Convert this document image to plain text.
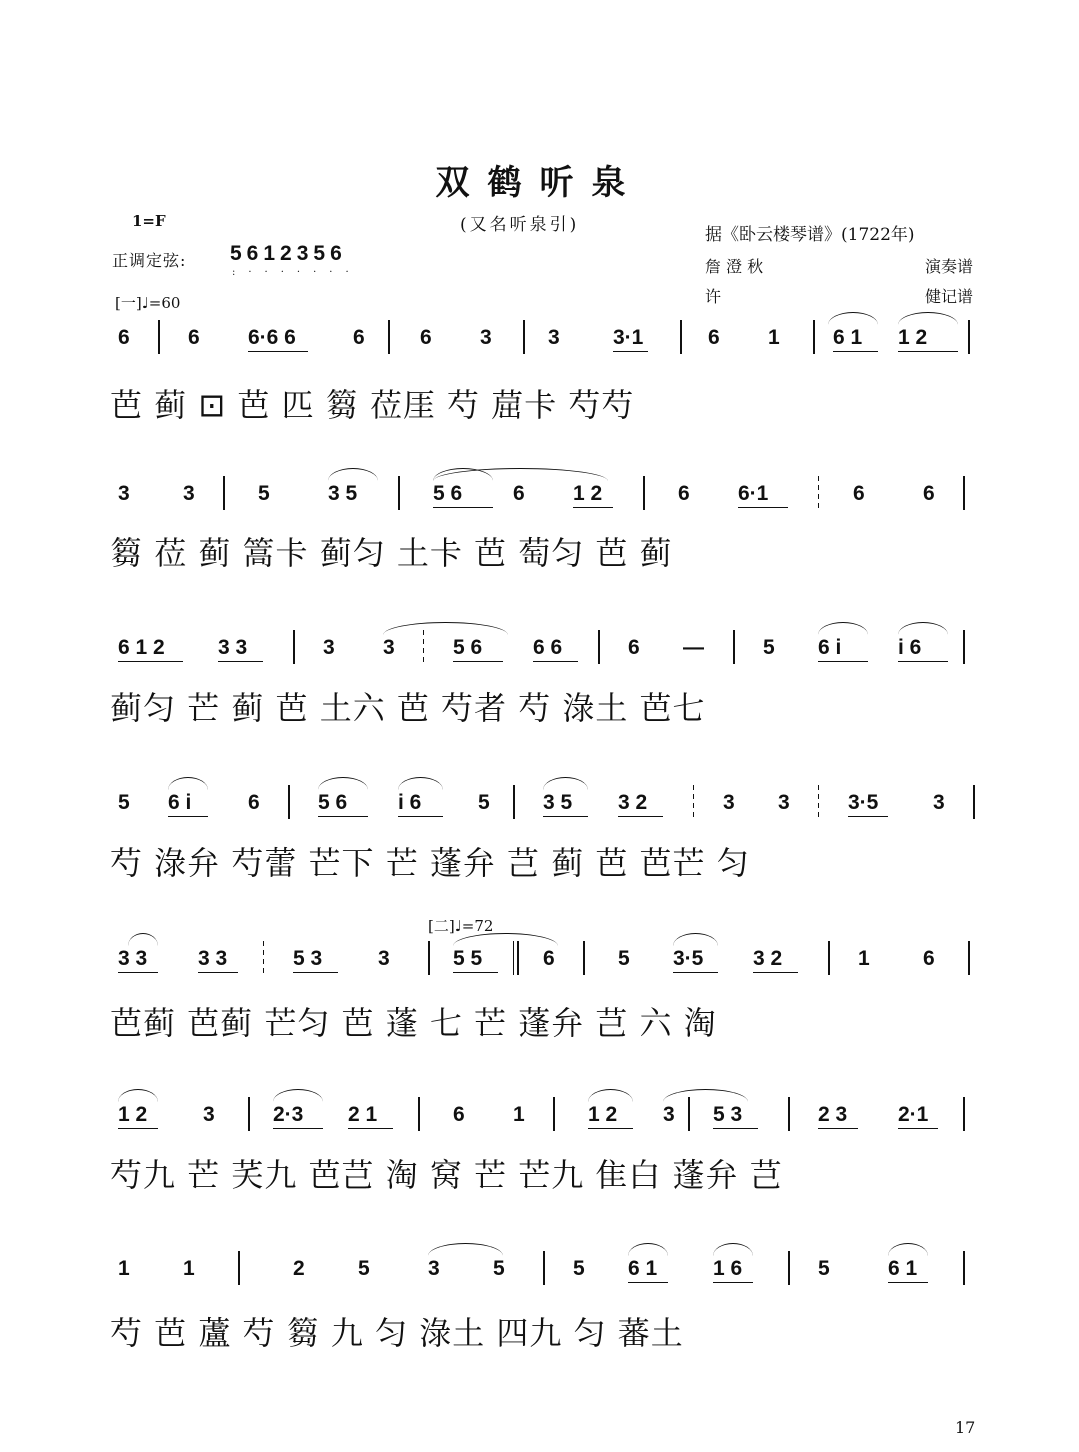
双鹤听泉
(又名听泉引)
1=F
正调定弦: 5612356
:·······
[一]♩=60
据《卧云楼琴谱》(1722年)
詹 澄 秋	演奏谱
许	健记谱
[二]♩=72
17
6	6 6·6 6	6	6 3	3	3·1	6 1	6 1 1 2
芭 蓟 ⊡ 芭 匹 篘 莅厓 芍 䓛卡 芍芍
3	3	5	3 5	5 6 6 1 2	6 6·1	6	6
篘 莅 蓟 篙卡 蓟匀 土卡 芭 萄匀 芭 蓟
6 1 2	3 3	3 3	5 6 6 6	6 —	5 6 i	i 6
蓟匀 芒 蓟 芭 土六 芭 芍者 芍 淥土 芭七
5 6 i	6	5 6 i 6	5	3 5 3 2	3 3	3·5	3
芍 淥弁 芍蕾 芒下 芒 蓬弁 芑 蓟 芭 芭芒 匀
3 3 3 3	5 3	3	5 5	6	5 3·5 3 2	1	6
芭蓟 芭蓟 芒匀 芭 蓬 七 芒 蓬弁 芑 六 淘
1 2	3	2·3 2 1	6 1	1 2 3 5 3	2 3 2·1
芍九 芒 芺九 芭芑 淘 窝 芒 芒九 隹白 蓬弁 芑
1	1	2	5	3	5	5 6 1	1 6	5	6 1
芍 芭 蘆 芍 篘 九 匀 淥土 四九 匀 蕃土
